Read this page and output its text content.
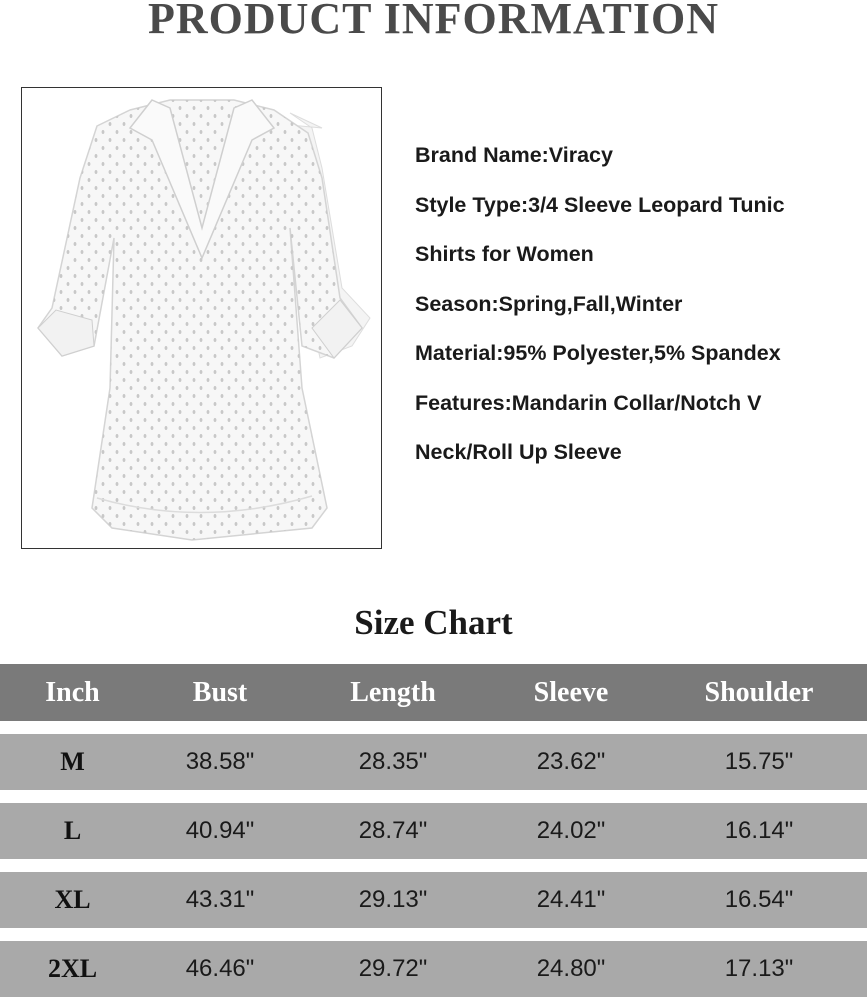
PRODUCT INFORMATION
Brand Name:Viracy
Style Type:3/4 Sleeve Leopard Tunic
Shirts for Women
Season:Spring,Fall,Winter
Material:95% Polyester,5% Spandex
Features:Mandarin Collar/Notch V
Neck/Roll Up Sleeve
Size Chart
Inch	Bust	Length	Sleeve	Shoulder
M	38.58"	28.35"	23.62"	15.75"
L	40.94"	28.74"	24.02"	16.14"
XL	43.31"	29.13"	24.41"	16.54"
2XL	46.46"	29.72"	24.80"	17.13"
